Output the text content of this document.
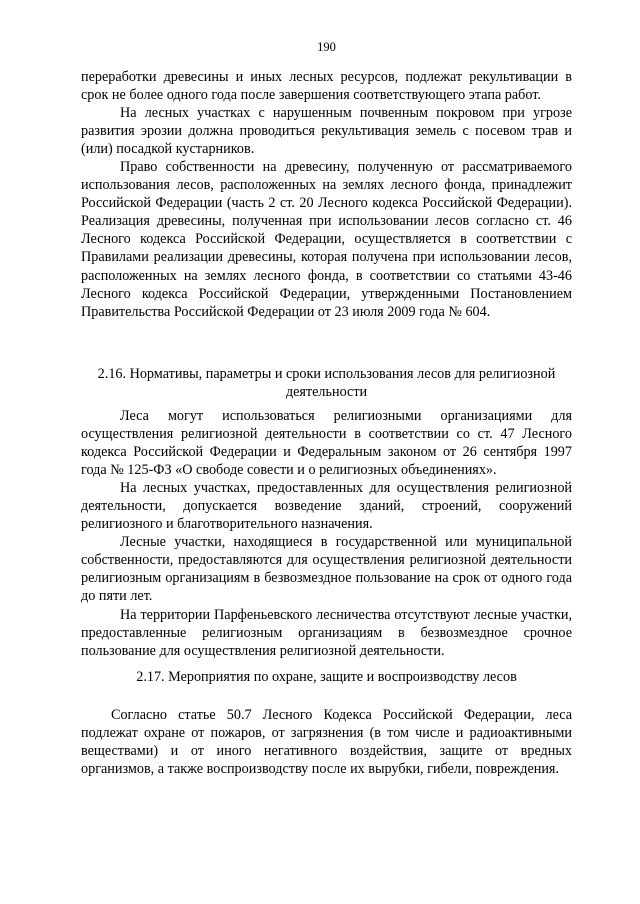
190

переработки древесины и иных лесных ресурсов, подлежат рекультивации в срок не более одного года после завершения соответствующего этапа работ.

На лесных участках с нарушенным почвенным покровом при угрозе развития эрозии должна проводиться рекультивация земель с посевом трав и (или) посадкой кустарников.

Право собственности на древесину, полученную от рассматриваемого использования лесов, расположенных на землях лесного фонда, принадлежит Российской Федерации (часть 2 ст. 20 Лесного кодекса Российской Федерации). Реализация древесины, полученная при использовании лесов согласно ст. 46 Лесного кодекса Российской Федерации, осуществляется в соответствии с Правилами реализации древесины, которая получена при использовании лесов, расположенных на землях лесного фонда, в соответствии со статьями 43-46 Лесного кодекса Российской Федерации, утвержденными Постановлением Правительства Российской Федерации от 23 июля 2009 года № 604.

2.16. Нормативы, параметры и сроки использования лесов для религиозной
деятельности

Леса могут использоваться религиозными организациями для осуществления религиозной деятельности в соответствии со ст. 47 Лесного кодекса Российской Федерации и Федеральным законом от 26 сентября 1997 года № 125-ФЗ «О свободе совести и о религиозных объединениях».

На лесных участках, предоставленных для осуществления религиозной деятельности, допускается возведение зданий, строений, сооружений религиозного и благотворительного назначения.

Лесные участки, находящиеся в государственной или муниципальной собственности, предоставляются для осуществления религиозной деятельности религиозным организациям в безвозмездное пользование на срок от одного года до пяти лет.

На территории Парфеньевского лесничества отсутствуют лесные участки, предоставленные религиозным организациям в безвозмездное срочное пользование для осуществления религиозной деятельности.

2.17. Мероприятия по охране, защите и воспроизводству лесов

Согласно статье 50.7 Лесного Кодекса Российской Федерации, леса подлежат охране от пожаров, от загрязнения (в том числе и радиоактивными веществами) и от иного негативного воздействия, защите от вредных организмов, а также воспроизводству после их вырубки, гибели, повреждения.
